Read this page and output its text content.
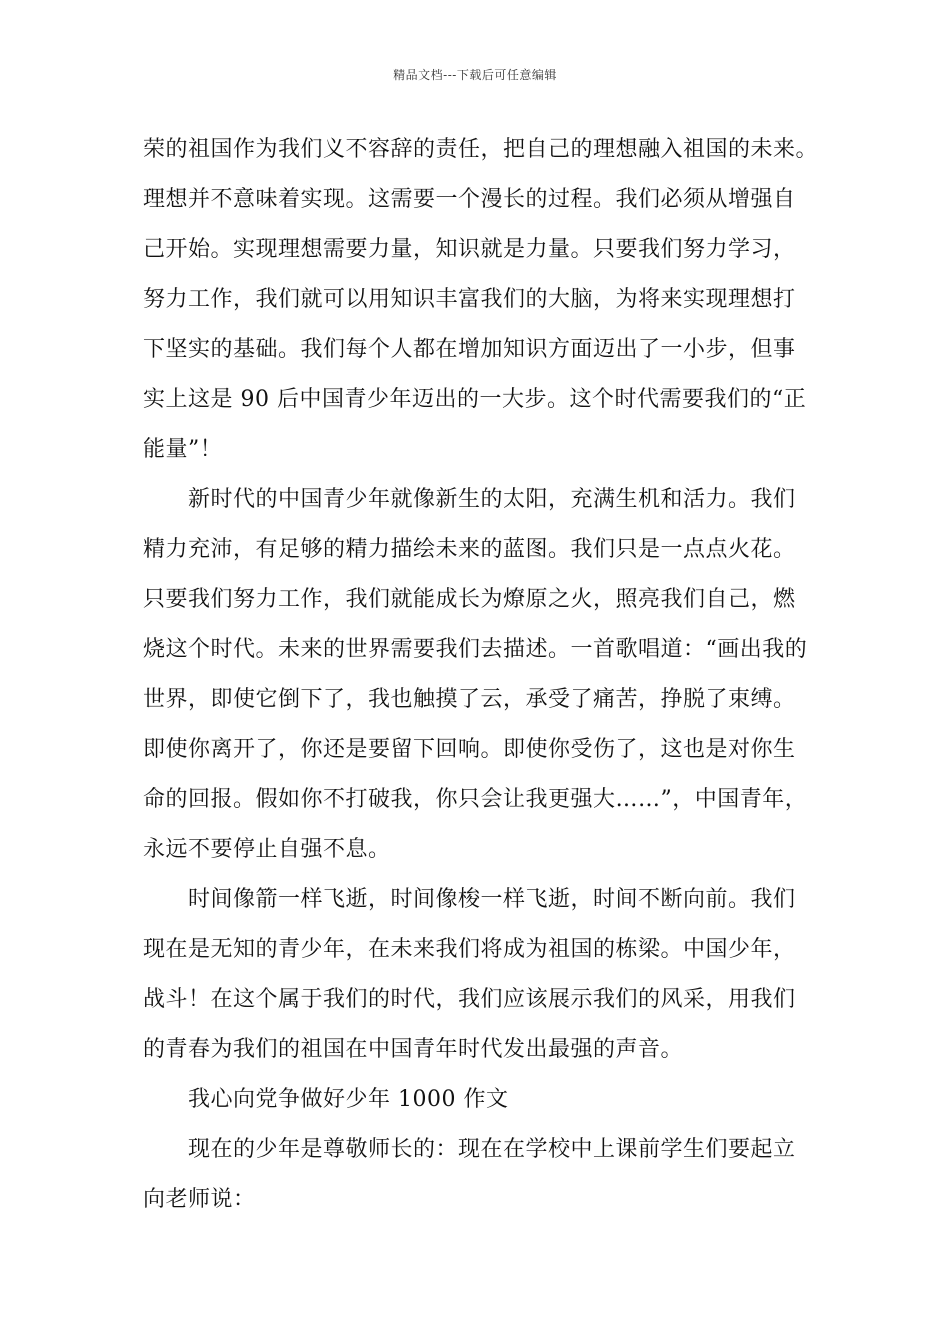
精品文档---下载后可任意编辑
荣的祖国作为我们义不容辞的责任，把自己的理想融入祖国的未来。
理想并不意味着实现。这需要一个漫长的过程。我们必须从增强自
己开始。实现理想需要力量，知识就是力量。只要我们努力学习，
努力工作，我们就可以用知识丰富我们的大脑，为将来实现理想打
下坚实的基础。我们每个人都在增加知识方面迈出了一小步，但事
实上这是 90 后中国青少年迈出的一大步。这个时代需要我们的“正
能量”！
新时代的中国青少年就像新生的太阳，充满生机和活力。我们
精力充沛，有足够的精力描绘未来的蓝图。我们只是一点点火花。
只要我们努力工作，我们就能成长为燎原之火，照亮我们自己，燃
烧这个时代。未来的世界需要我们去描述。一首歌唱道：“画出我的
世界，即使它倒下了，我也触摸了云，承受了痛苦，挣脱了束缚。
即使你离开了，你还是要留下回响。即使你受伤了，这也是对你生
命的回报。假如你不打破我，你只会让我更强大……”，中国青年，
永远不要停止自强不息。
时间像箭一样飞逝，时间像梭一样飞逝，时间不断向前。我们
现在是无知的青少年，在未来我们将成为祖国的栋梁。中国少年，
战斗！在这个属于我们的时代，我们应该展示我们的风采，用我们
的青春为我们的祖国在中国青年时代发出最强的声音。
我心向党争做好少年 1000 作文
现在的少年是尊敬师长的：现在在学校中上课前学生们要起立
向老师说：
